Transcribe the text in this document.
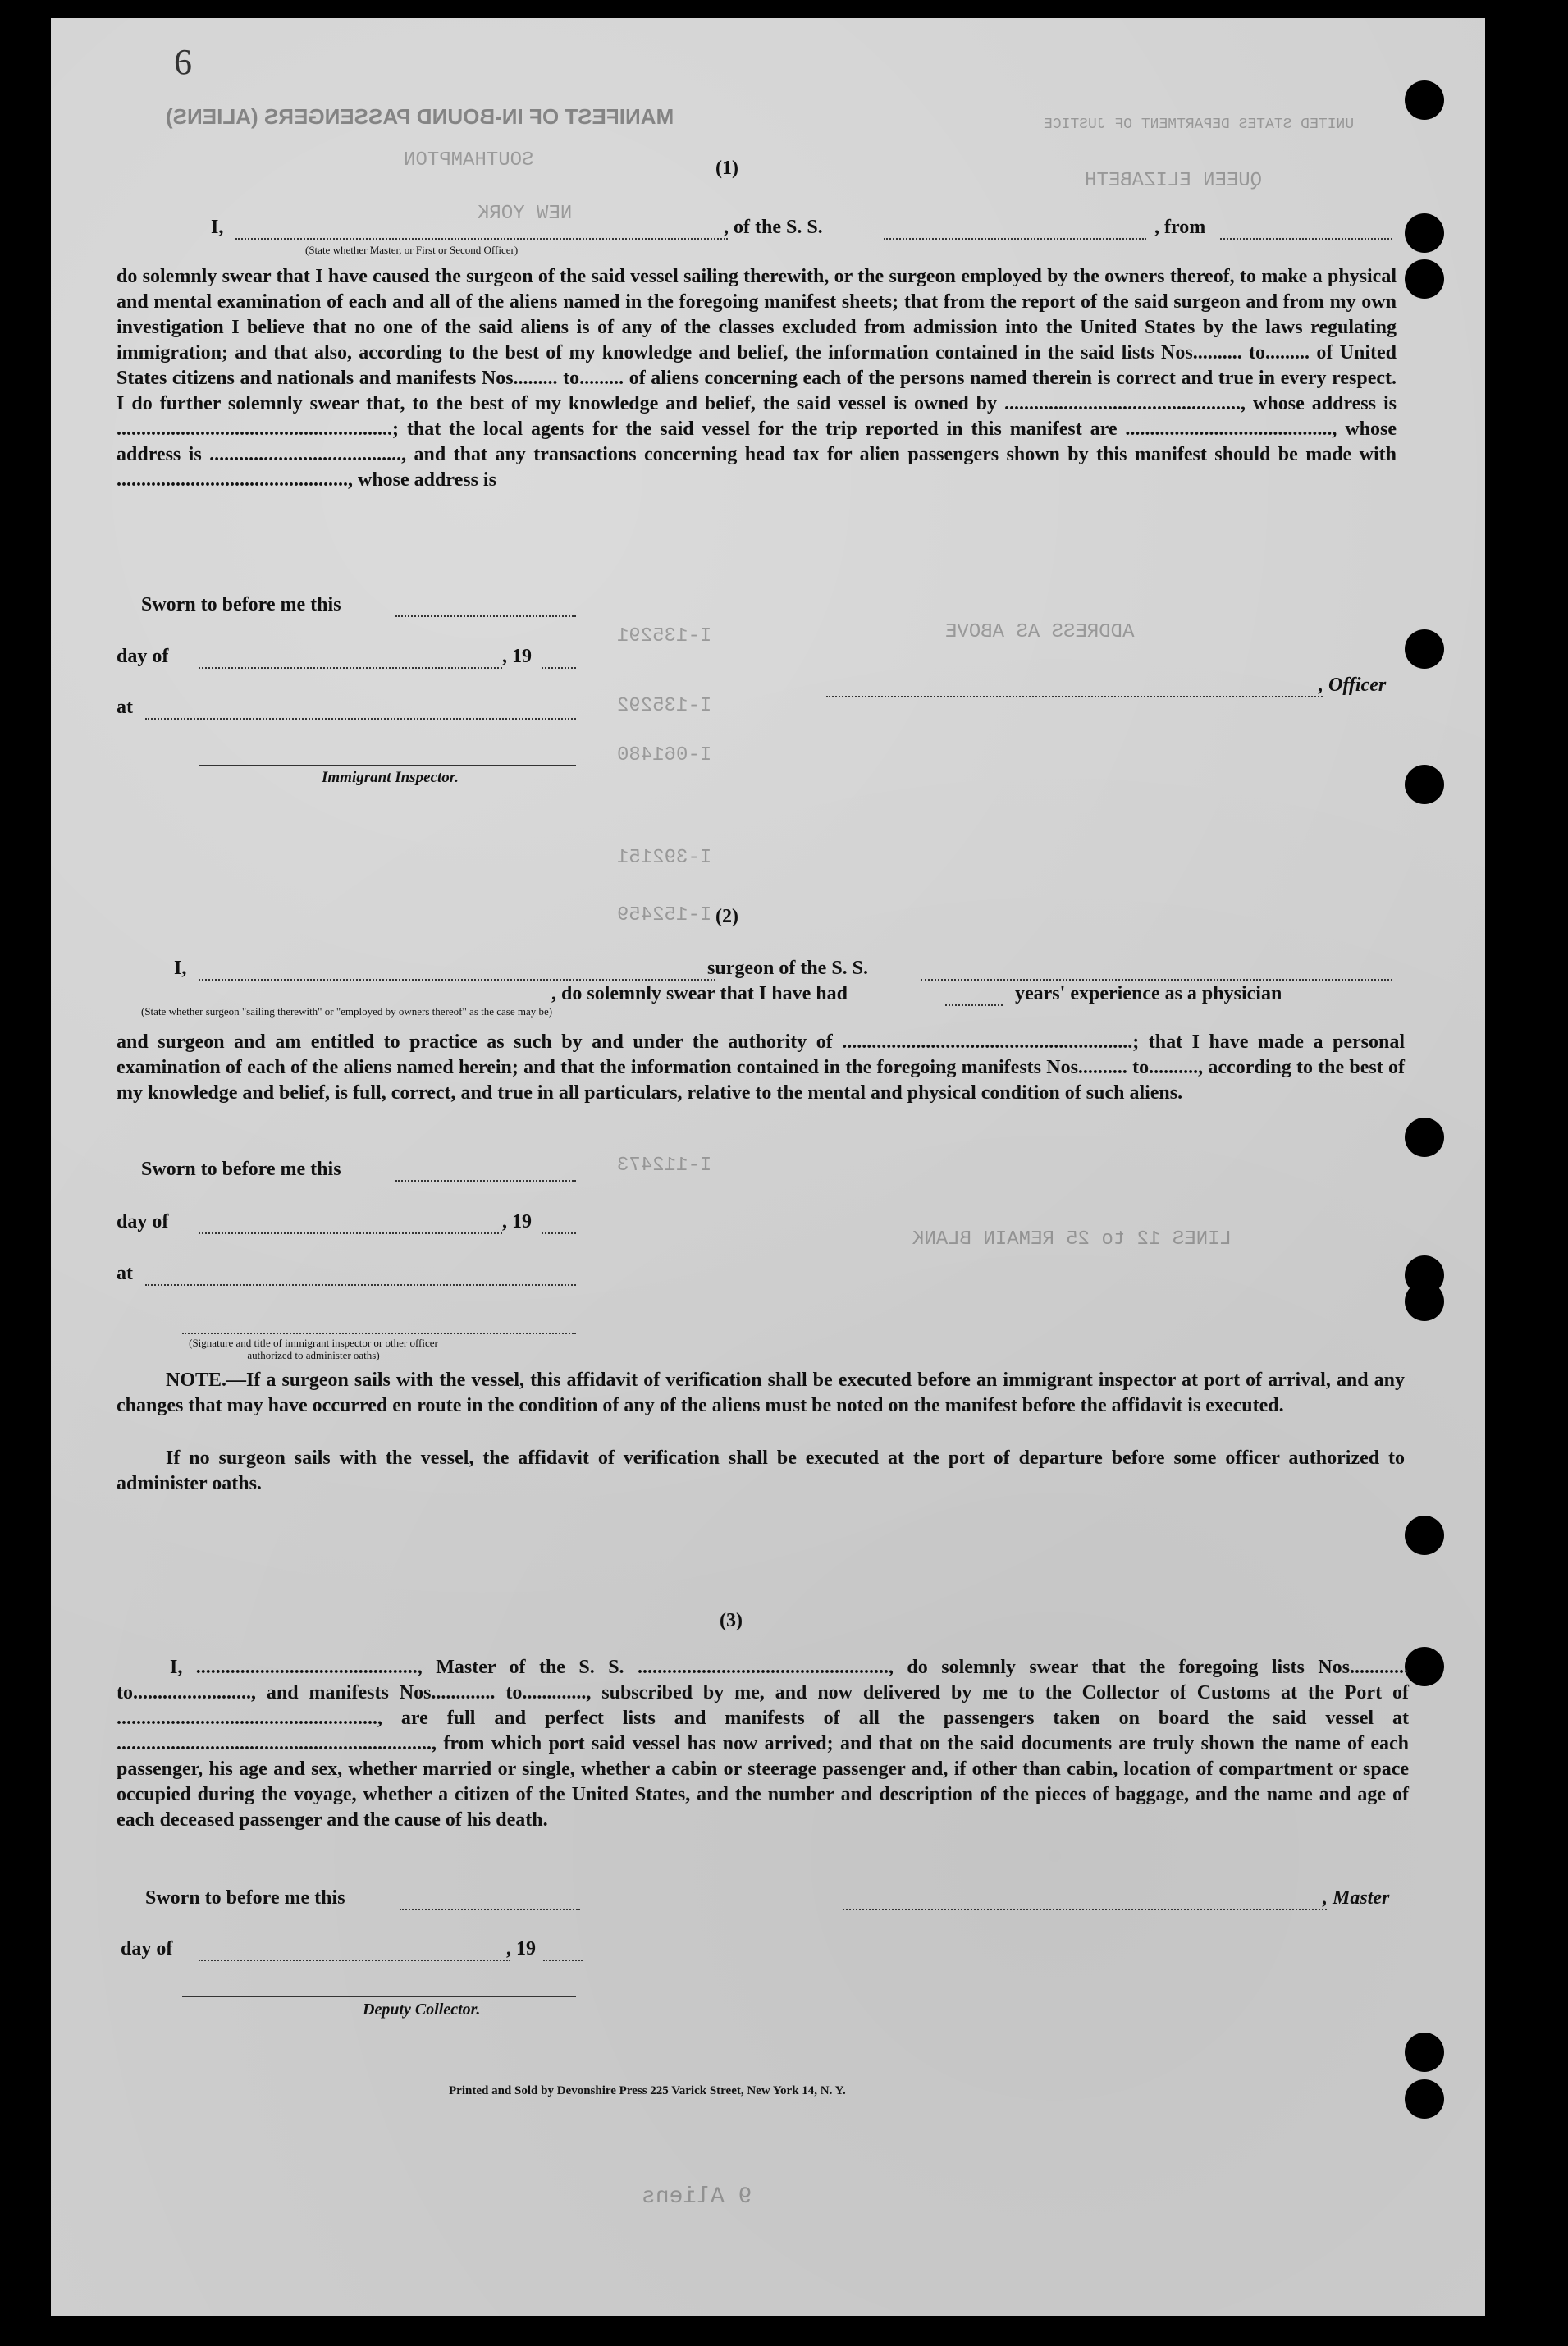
6
MANIFEST OF IN-BOUND PASSENGERS (ALIENS)
SOUTHAMPTON
NEW YORK
UNITED STATES DEPARTMENT OF JUSTICE
QUEEN ELIZABETH
(1)
I,	, of the S. S.	, from
(State whether Master, or First or Second Officer)
do solemnly swear that I have caused the surgeon of the said vessel sailing therewith, or the surgeon employed by the owners thereof, to make a physical and mental examination of each and all of the aliens named in the foregoing manifest sheets; that from the report of the said surgeon and from my own investigation I believe that no one of the said aliens is of any of the classes excluded from admission into the United States by the laws regulating immigration; and that also, according to the best of my knowledge and belief, the information contained in the said lists Nos.......... to......... of United States citizens and nationals and manifests Nos......... to......... of aliens concerning each of the persons named therein is correct and true in every respect. I do further solemnly swear that, to the best of my knowledge and belief, the said vessel is owned by ................................................, whose address is ........................................................; that the local agents for the said vessel for the trip reported in this manifest are .........................................., whose address is ......................................., and that any transactions concerning head tax for alien passengers shown by this manifest should be made with ..............................................., whose address is
Sworn to before me this
day of	, 19
at
Immigrant Inspector.
, Officer
I-135291
I-135292
I-061480
I-392151
I-152459
I-112473
ADDRESS AS ABOVE
LINES 12 to 25 REMAIN BLANK
(2)
I,	surgeon of the S. S.
, do solemnly swear that I have had	years' experience as a physician
(State whether surgeon "sailing therewith" or "employed by owners thereof" as the case may be)
and surgeon and am entitled to practice as such by and under the authority of ...........................................................; that I have made a personal examination of each of the aliens named herein; and that the information contained in the foregoing manifests Nos.......... to.........., according to the best of my knowledge and belief, is full, correct, and true in all particulars, relative to the mental and physical condition of such aliens.
Sworn to before me this
day of	, 19
at
(Signature and title of immigrant inspector or other officer authorized to administer oaths)
NOTE.—If a surgeon sails with the vessel, this affidavit of verification shall be executed before an immigrant inspector at port of arrival, and any changes that may have occurred en route in the condition of any of the aliens must be noted on the manifest before the affidavit is executed.
If no surgeon sails with the vessel, the affidavit of verification shall be executed at the port of departure before some officer authorized to administer oaths.
(3)
I, ............................................., Master of the S. S. ..................................................., do solemnly swear that the foregoing lists Nos............ to........................, and manifests Nos............. to............., subscribed by me, and now delivered by me to the Collector of Customs at the Port of ....................................................., are full and perfect lists and manifests of all the passengers taken on board the said vessel at ................................................................, from which port said vessel has now arrived; and that on the said documents are truly shown the name of each passenger, his age and sex, whether married or single, whether a cabin or steerage passenger and, if other than cabin, location of compartment or space occupied during the voyage, whether a citizen of the United States, and the number and description of the pieces of baggage, and the name and age of each deceased passenger and the cause of his death.
Sworn to before me this	, Master
day of	, 19
Deputy Collector.
Printed and Sold by Devonshire Press 225 Varick Street, New York 14, N. Y.
9 Aliens
